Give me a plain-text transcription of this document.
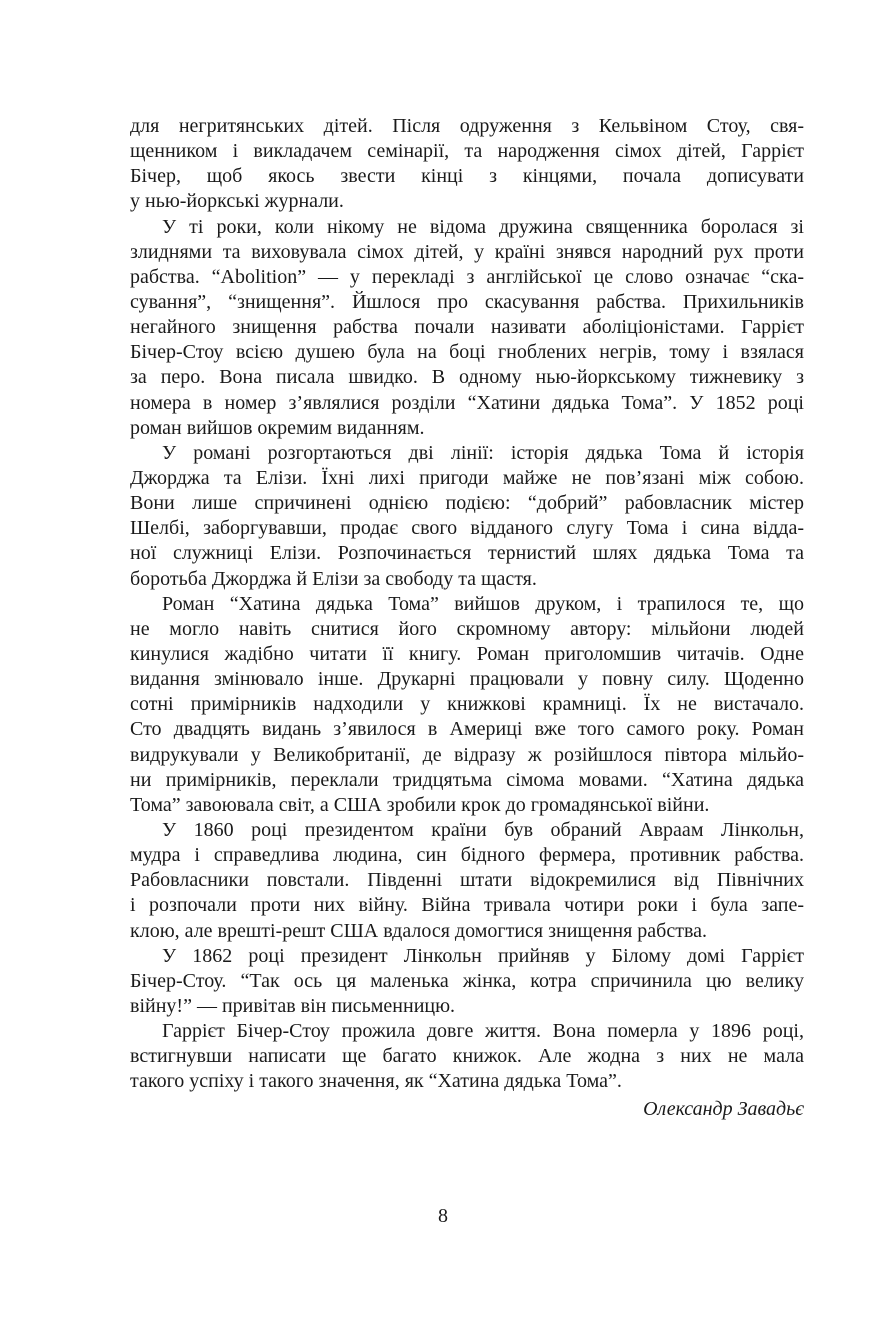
для негритянських дітей. Після одруження з Кельвіном Стоу, свя-
щенником і викладачем семінарії, та народження сімох дітей, Гаррієт
Бічер, щоб якось звести кінці з кінцями, почала дописувати
у нью-йоркські журнали.

У ті роки, коли нікому не відома дружина священника боролася зі
злиднями та виховувала сімох дітей, у країні знявся народний рух проти
рабства. “Abolition” — у перекладі з англійської це слово означає “ска-
сування”, “знищення”. Йшлося про скасування рабства. Прихильників
негайного знищення рабства почали називати аболіціоністами. Гаррієт
Бічер-Стоу всією душею була на боці гноблених негрів, тому і взялася
за перо. Вона писала швидко. В одному нью-йоркському тижневику з
номера в номер з’являлися розділи “Хатини дядька Тома”. У 1852 році
роман вийшов окремим виданням.

У романі розгортаються дві лінії: історія дядька Тома й історія
Джорджа та Елізи. Їхні лихі пригоди майже не пов’язані між собою.
Вони лише спричинені однією подією: “добрий” рабовласник містер
Шелбі, заборгувавши, продає свого відданого слугу Тома і сина відда-
ної служниці Елізи. Розпочинається тернистий шлях дядька Тома та
боротьба Джорджа й Елізи за свободу та щастя.

Роман “Хатина дядька Тома” вийшов друком, і трапилося те, що
не могло навіть снитися його скромному автору: мільйони людей
кинулися жадібно читати її книгу. Роман приголомшив читачів. Одне
видання змінювало інше. Друкарні працювали у повну силу. Щоденно
сотні примірників надходили у книжкові крамниці. Їх не вистачало.
Сто двадцять видань з’явилося в Америці вже того самого року. Роман
видрукували у Великобританії, де відразу ж розійшлося півтора мільйо-
ни примірників, переклали тридцятьма сімома мовами. “Хатина дядька
Тома” завоювала світ, а США зробили крок до громадянської війни.

У 1860 році президентом країни був обраний Авраам Лінкольн,
мудра і справедлива людина, син бідного фермера, противник рабства.
Рабовласники повстали. Південні штати відокремилися від Північних
і розпочали проти них війну. Війна тривала чотири роки і була запе-
клою, але врешті-решт США вдалося домогтися знищення рабства.

У 1862 році президент Лінкольн прийняв у Білому домі Гаррієт
Бічер-Стоу. “Так ось ця маленька жінка, котра спричинила цю велику
війну!” — привітав він письменницю.

Гаррієт Бічер-Стоу прожила довге життя. Вона померла у 1896 році,
встигнувши написати ще багато книжок. Але жодна з них не мала
такого успіху і такого значення, як “Хатина дядька Тома”.

Олександр Завадьє
8
